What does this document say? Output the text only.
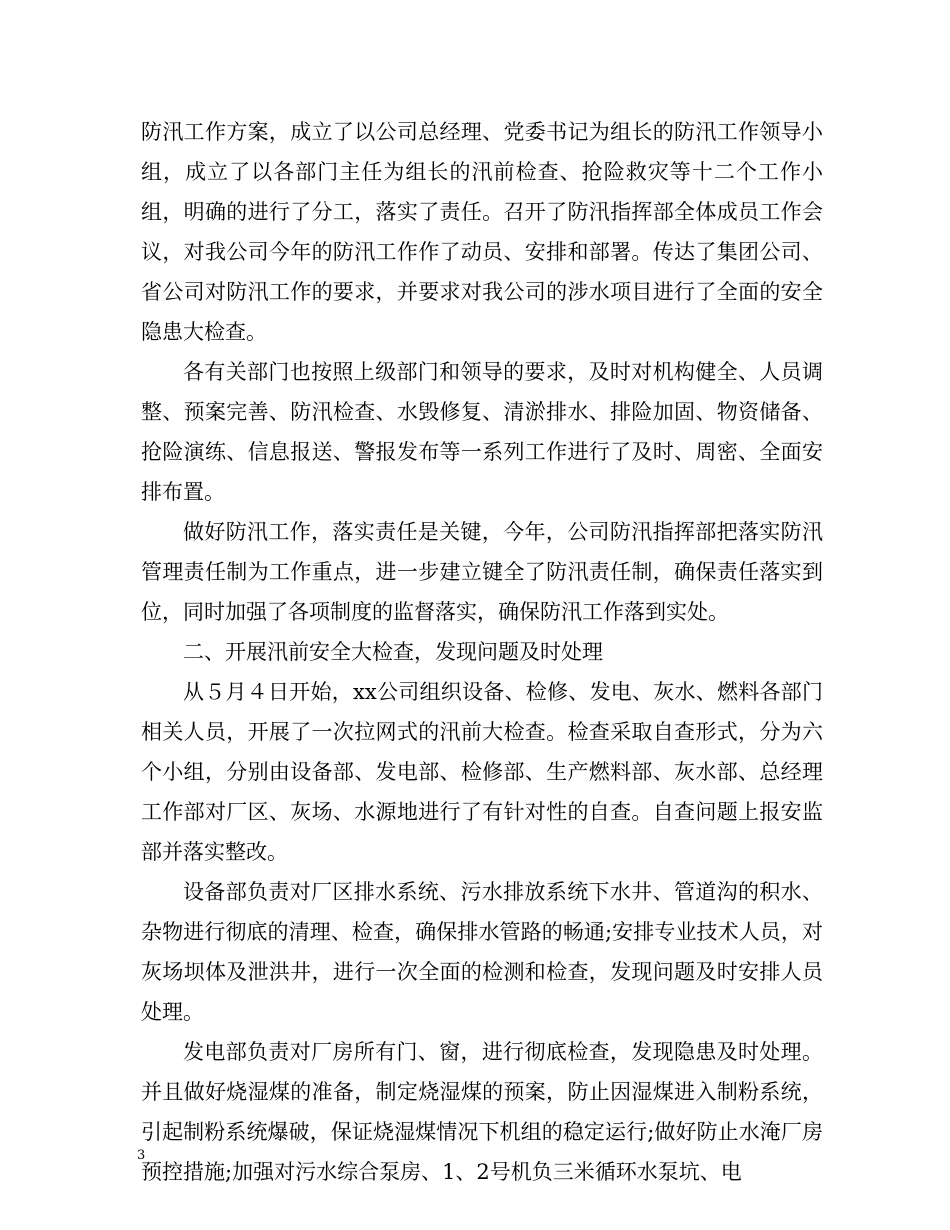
防汛工作方案，成立了以公司总经理、党委书记为组长的防汛工作领导小组，成立了以各部门主任为组长的汛前检查、抢险救灾等十二个工作小组，明确的进行了分工，落实了责任。召开了防汛指挥部全体成员工作会议，对我公司今年的防汛工作作了动员、安排和部署。传达了集团公司、省公司对防汛工作的要求，并要求对我公司的涉水项目进行了全面的安全隐患大检查。

各有关部门也按照上级部门和领导的要求，及时对机构健全、人员调整、预案完善、防汛检查、水毁修复、清淤排水、排险加固、物资储备、抢险演练、信息报送、警报发布等一系列工作进行了及时、周密、全面安排布置。

做好防汛工作，落实责任是关键，今年，公司防汛指挥部把落实防汛管理责任制为工作重点，进一步建立键全了防汛责任制，确保责任落实到位，同时加强了各项制度的监督落实，确保防汛工作落到实处。

二、开展汛前安全大检查，发现问题及时处理

从５月４日开始，xx公司组织设备、检修、发电、灰水、燃料各部门相关人员，开展了一次拉网式的汛前大检查。检查采取自查形式，分为六个小组，分别由设备部、发电部、检修部、生产燃料部、灰水部、总经理工作部对厂区、灰场、水源地进行了有针对性的自查。自查问题上报安监部并落实整改。

设备部负责对厂区排水系统、污水排放系统下水井、管道沟的积水、杂物进行彻底的清理、检查，确保排水管路的畅通;安排专业技术人员，对灰场坝体及泄洪井，进行一次全面的检测和检查，发现问题及时安排人员处理。

发电部负责对厂房所有门、窗，进行彻底检查，发现隐患及时处理。并且做好烧湿煤的准备，制定烧湿煤的预案，防止因湿煤进入制粉系统，引起制粉系统爆破，保证烧湿煤情况下机组的稳定运行;做好防止水淹厂房预控措施;加强对污水综合泵房、1、2号机负三米循环水泵坑、电

3
